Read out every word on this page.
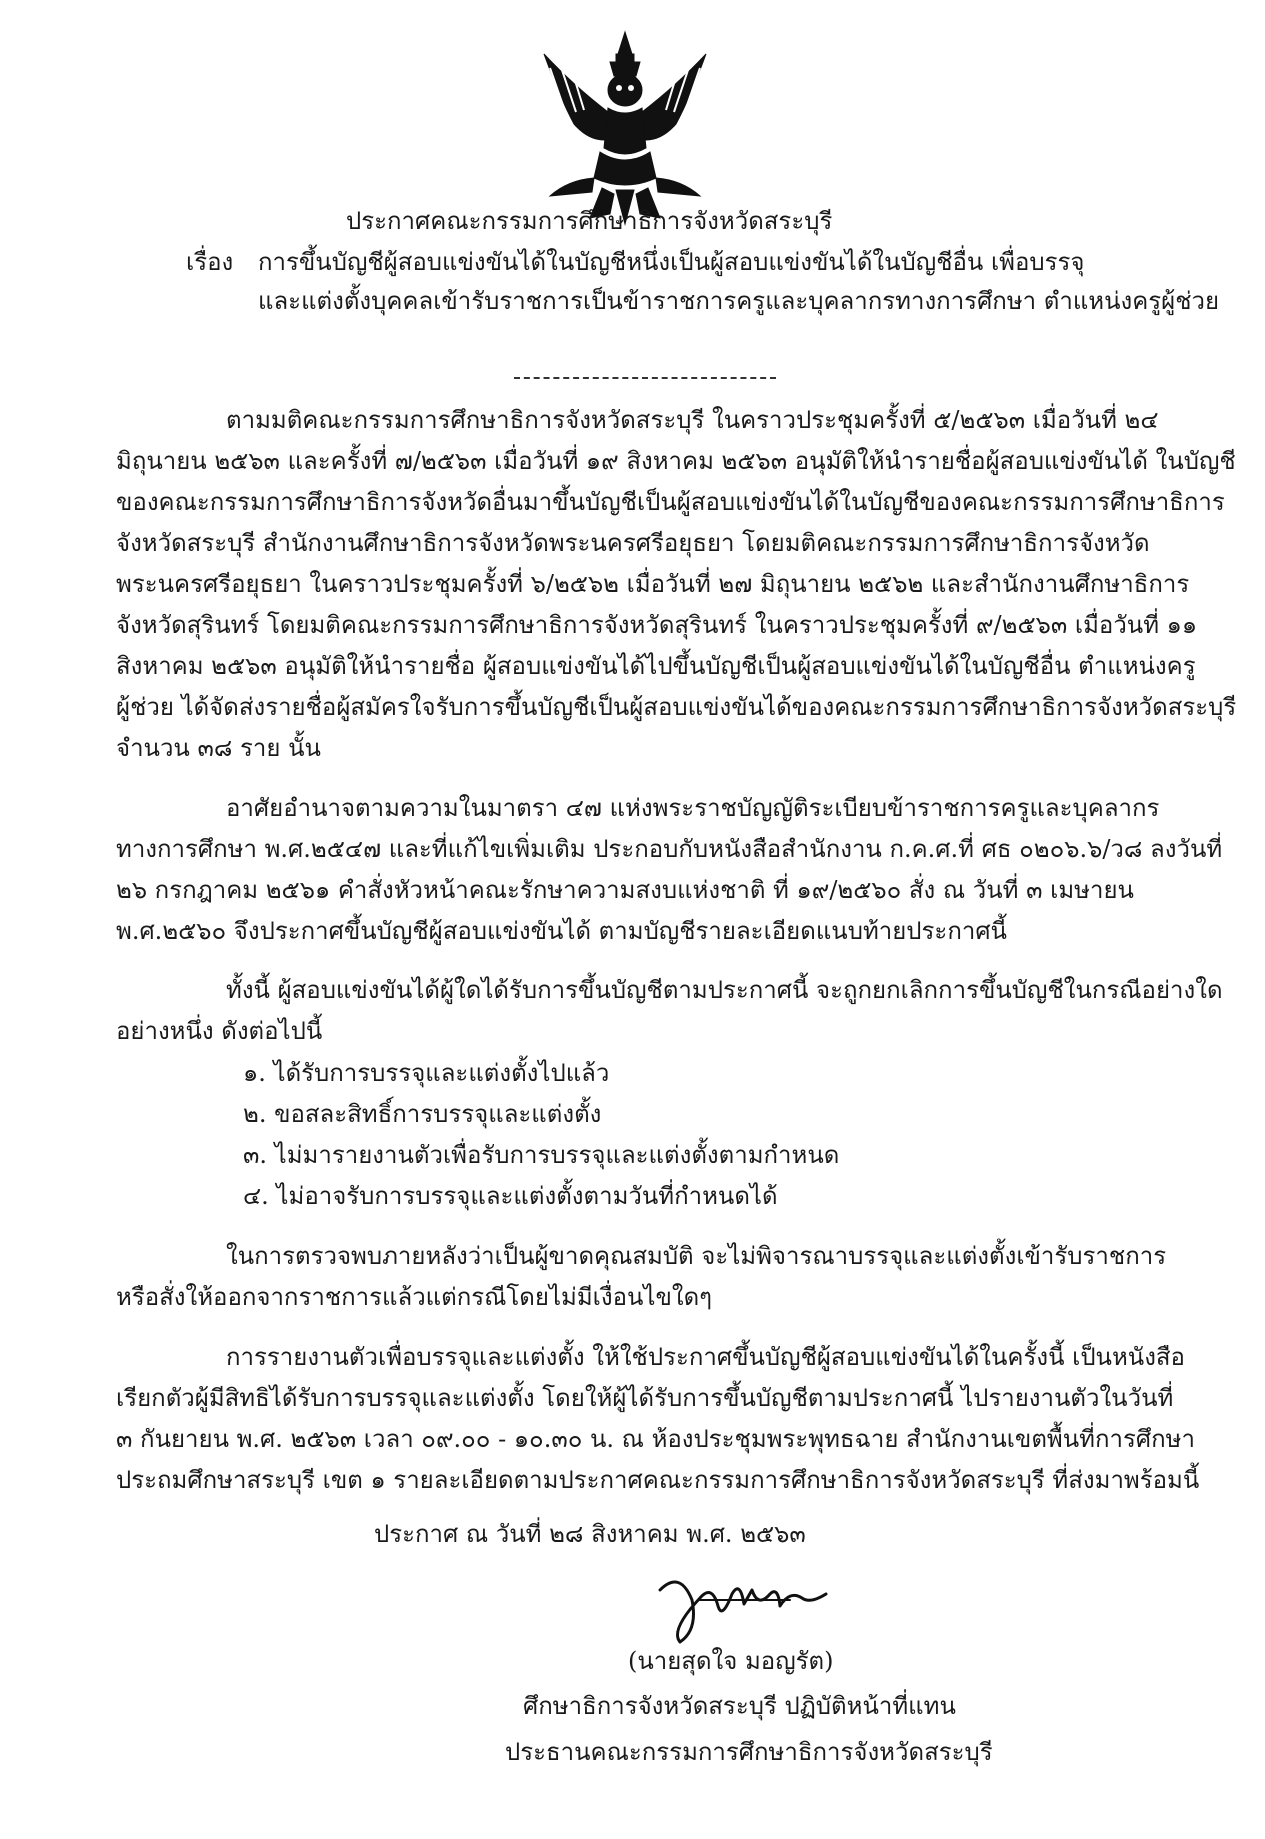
ประกาศคณะกรรมการศึกษาธิการจังหวัดสระบุรี
เรื่อง การขึ้นบัญชีผู้สอบแข่งขันได้ในบัญชีหนึ่งเป็นผู้สอบแข่งขันได้ในบัญชีอื่น เพื่อบรรจุ
และแต่งตั้งบุคคลเข้ารับราชการเป็นข้าราชการครูและบุคลากรทางการศึกษา ตำแหน่งครูผู้ช่วย
ตามมติคณะกรรมการศึกษาธิการจังหวัดสระบุรี ในคราวประชุมครั้งที่ ๕/๒๕๖๓ เมื่อวันที่ ๒๔
มิถุนายน ๒๕๖๓ และครั้งที่ ๗/๒๕๖๓ เมื่อวันที่ ๑๙ สิงหาคม ๒๕๖๓ อนุมัติให้นำรายชื่อผู้สอบแข่งขันได้ ในบัญชี
ของคณะกรรมการศึกษาธิการจังหวัดอื่นมาขึ้นบัญชีเป็นผู้สอบแข่งขันได้ในบัญชีของคณะกรรมการศึกษาธิการ
จังหวัดสระบุรี สำนักงานศึกษาธิการจังหวัดพระนครศรีอยุธยา โดยมติคณะกรรมการศึกษาธิการจังหวัด
พระนครศรีอยุธยา ในคราวประชุมครั้งที่ ๖/๒๕๖๒ เมื่อวันที่ ๒๗ มิถุนายน ๒๕๖๒ และสำนักงานศึกษาธิการ
จังหวัดสุรินทร์ โดยมติคณะกรรมการศึกษาธิการจังหวัดสุรินทร์ ในคราวประชุมครั้งที่ ๙/๒๕๖๓ เมื่อวันที่ ๑๑
สิงหาคม ๒๕๖๓ อนุมัติให้นำรายชื่อ ผู้สอบแข่งขันได้ไปขึ้นบัญชีเป็นผู้สอบแข่งขันได้ในบัญชีอื่น ตำแหน่งครู
ผู้ช่วย ได้จัดส่งรายชื่อผู้สมัครใจรับการขึ้นบัญชีเป็นผู้สอบแข่งขันได้ของคณะกรรมการศึกษาธิการจังหวัดสระบุรี
จำนวน ๓๘ ราย นั้น
อาศัยอำนาจตามความในมาตรา ๔๗ แห่งพระราชบัญญัติระเบียบข้าราชการครูและบุคลากร
ทางการศึกษา พ.ศ.๒๕๔๗ และที่แก้ไขเพิ่มเติม ประกอบกับหนังสือสำนักงาน ก.ค.ศ.ที่ ศธ ๐๒๐๖.๖/ว๘ ลงวันที่
๒๖ กรกฎาคม ๒๕๖๑ คำสั่งหัวหน้าคณะรักษาความสงบแห่งชาติ ที่ ๑๙/๒๕๖๐ สั่ง ณ วันที่ ๓ เมษายน
พ.ศ.๒๕๖๐ จึงประกาศขึ้นบัญชีผู้สอบแข่งขันได้ ตามบัญชีรายละเอียดแนบท้ายประกาศนี้
ทั้งนี้ ผู้สอบแข่งขันได้ผู้ใดได้รับการขึ้นบัญชีตามประกาศนี้ จะถูกยกเลิกการขึ้นบัญชีในกรณีอย่างใด
อย่างหนึ่ง ดังต่อไปนี้
๑. ได้รับการบรรจุและแต่งตั้งไปแล้ว
๒. ขอสละสิทธิ์การบรรจุและแต่งตั้ง
๓. ไม่มารายงานตัวเพื่อรับการบรรจุและแต่งตั้งตามกำหนด
๔. ไม่อาจรับการบรรจุและแต่งตั้งตามวันที่กำหนดได้
ในการตรวจพบภายหลังว่าเป็นผู้ขาดคุณสมบัติ จะไม่พิจารณาบรรจุและแต่งตั้งเข้ารับราชการ
หรือสั่งให้ออกจากราชการแล้วแต่กรณีโดยไม่มีเงื่อนไขใดๆ
การรายงานตัวเพื่อบรรจุและแต่งตั้ง ให้ใช้ประกาศขึ้นบัญชีผู้สอบแข่งขันได้ในครั้งนี้ เป็นหนังสือ
เรียกตัวผู้มีสิทธิได้รับการบรรจุและแต่งตั้ง โดยให้ผู้ได้รับการขึ้นบัญชีตามประกาศนี้ ไปรายงานตัวในวันที่
๓ กันยายน พ.ศ. ๒๕๖๓ เวลา ๐๙.๐๐ - ๑๐.๓๐ น. ณ ห้องประชุมพระพุทธฉาย สำนักงานเขตพื้นที่การศึกษา
ประถมศึกษาสระบุรี เขต ๑ รายละเอียดตามประกาศคณะกรรมการศึกษาธิการจังหวัดสระบุรี ที่ส่งมาพร้อมนี้
ประกาศ ณ วันที่ ๒๘ สิงหาคม พ.ศ. ๒๕๖๓
(นายสุดใจ มอญรัต)
ศึกษาธิการจังหวัดสระบุรี ปฏิบัติหน้าที่แทน
ประธานคณะกรรมการศึกษาธิการจังหวัดสระบุรี
